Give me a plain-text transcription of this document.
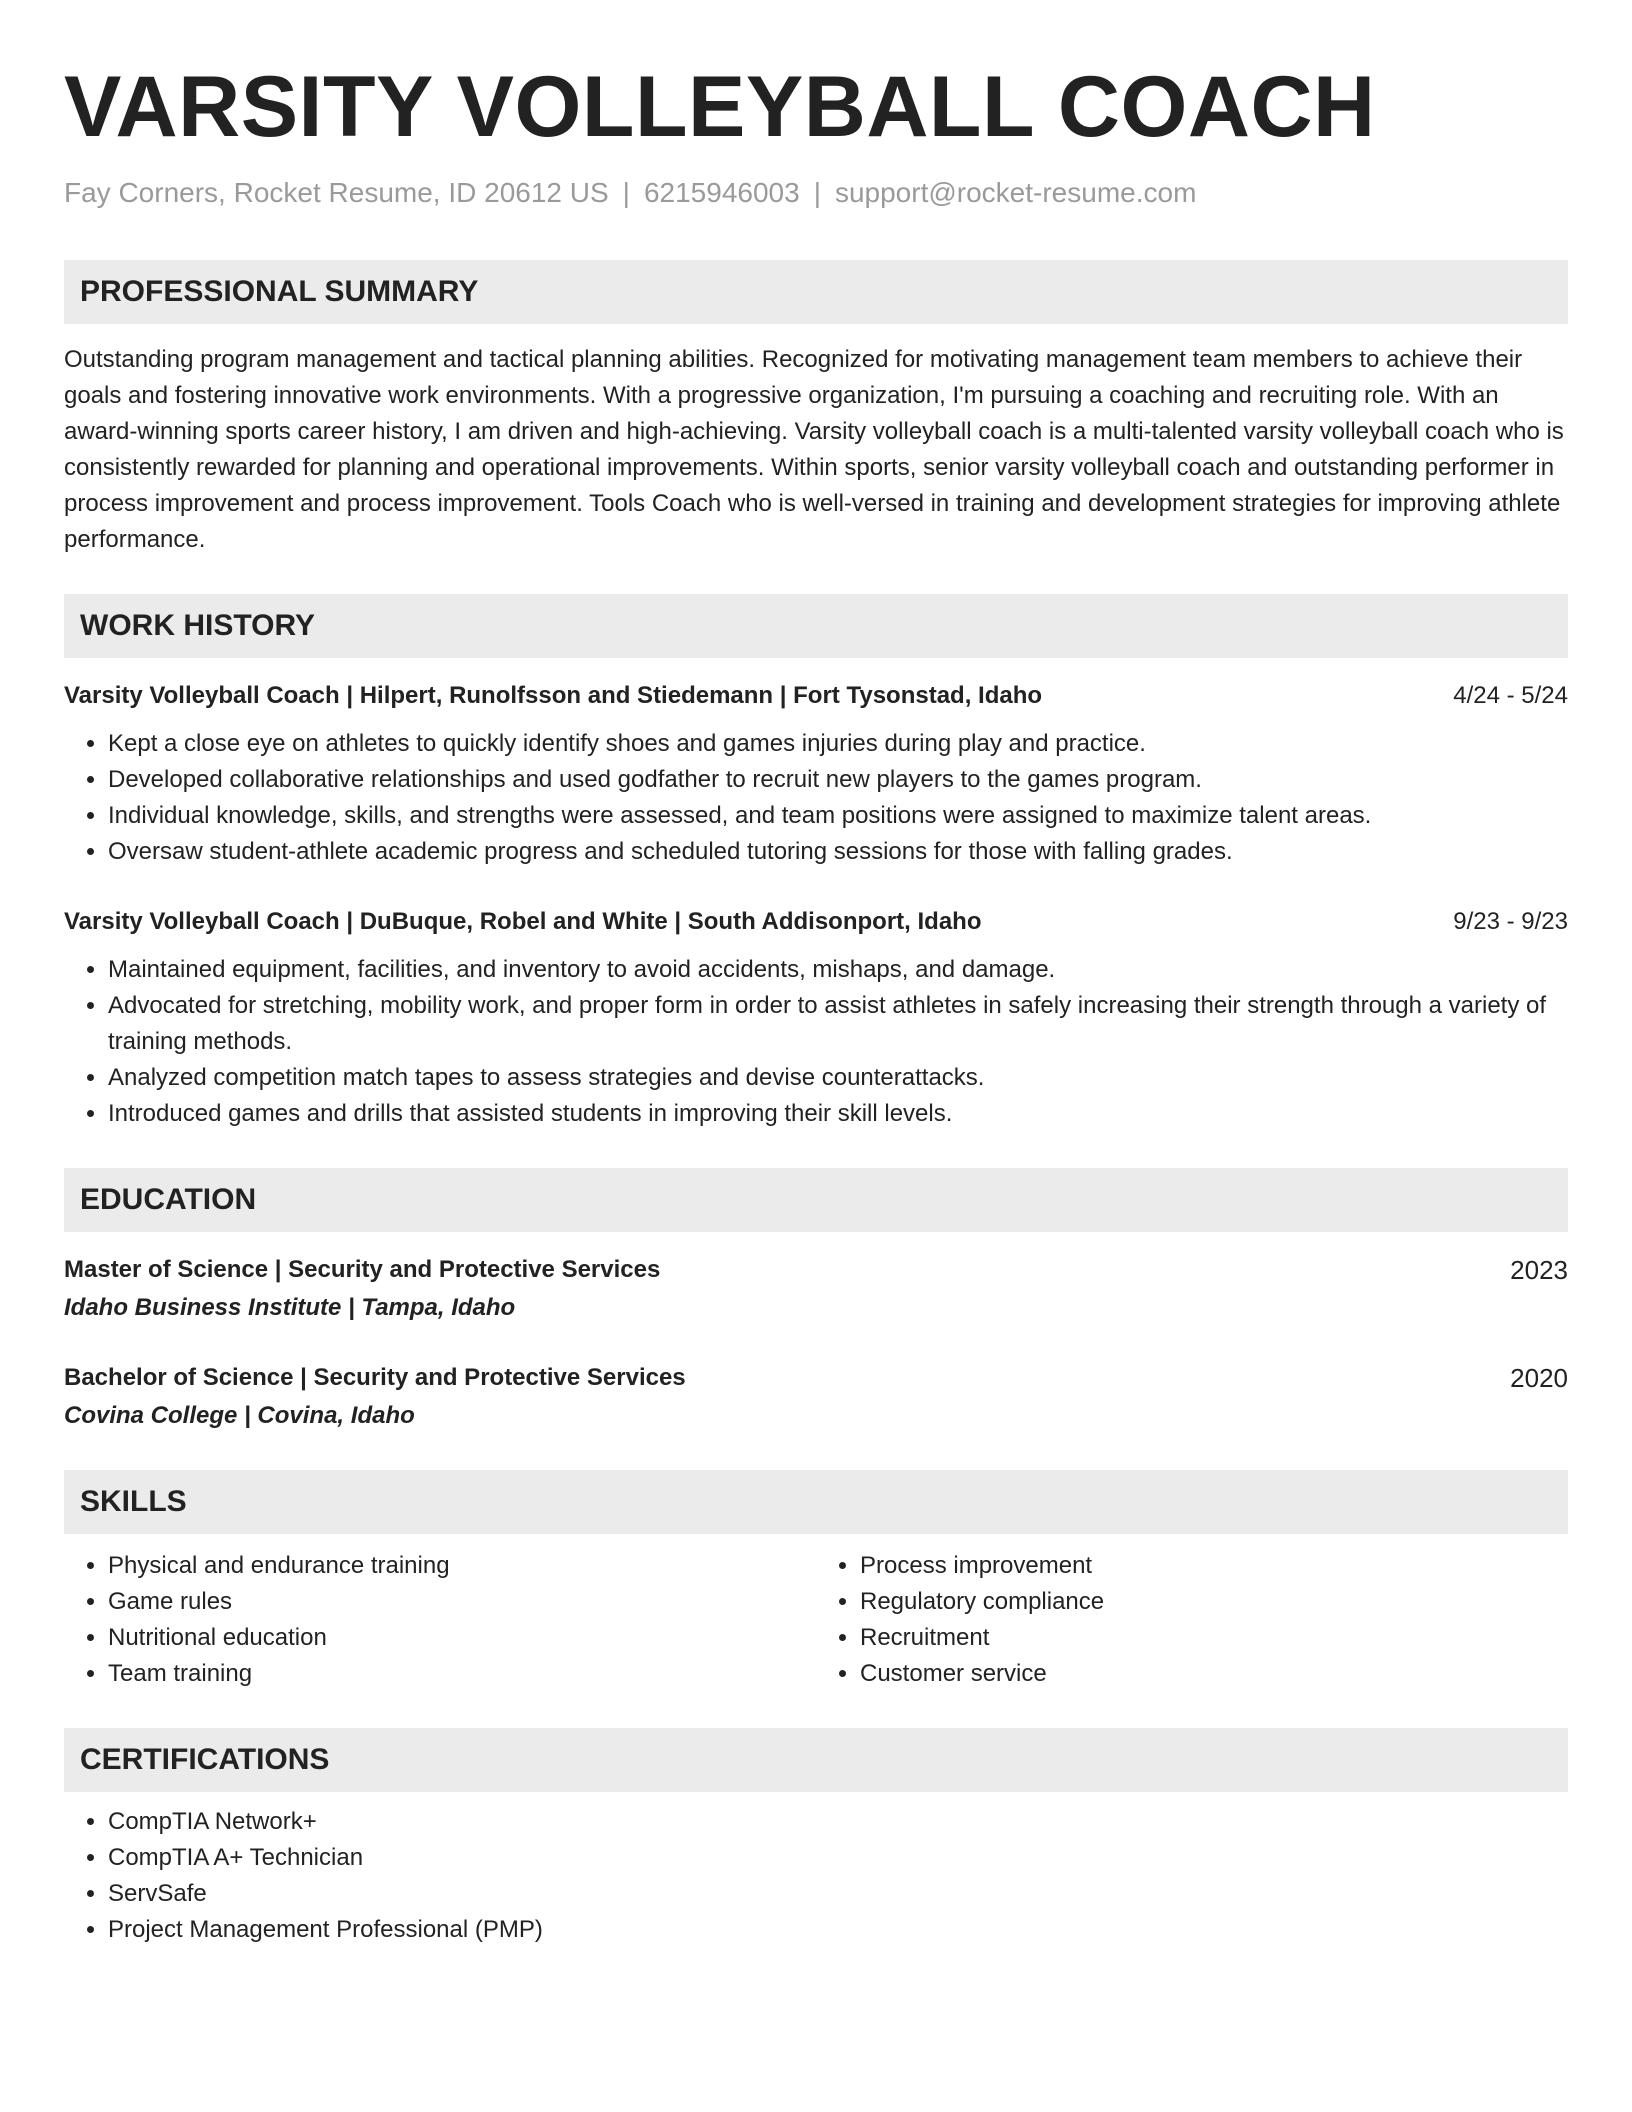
VARSITY VOLLEYBALL COACH
Fay Corners, Rocket Resume, ID 20612 US | 6215946003 | support@rocket-resume.com
PROFESSIONAL SUMMARY
Outstanding program management and tactical planning abilities. Recognized for motivating management team members to achieve their goals and fostering innovative work environments. With a progressive organization, I'm pursuing a coaching and recruiting role. With an award-winning sports career history, I am driven and high-achieving. Varsity volleyball coach is a multi-talented varsity volleyball coach who is consistently rewarded for planning and operational improvements. Within sports, senior varsity volleyball coach and outstanding performer in process improvement and process improvement. Tools Coach who is well-versed in training and development strategies for improving athlete performance.
WORK HISTORY
Varsity Volleyball Coach | Hilpert, Runolfsson and Stiedemann | Fort Tysonstad, Idaho	4/24 - 5/24
• Kept a close eye on athletes to quickly identify shoes and games injuries during play and practice.
• Developed collaborative relationships and used godfather to recruit new players to the games program.
• Individual knowledge, skills, and strengths were assessed, and team positions were assigned to maximize talent areas.
• Oversaw student-athlete academic progress and scheduled tutoring sessions for those with falling grades.
Varsity Volleyball Coach | DuBuque, Robel and White | South Addisonport, Idaho	9/23 - 9/23
• Maintained equipment, facilities, and inventory to avoid accidents, mishaps, and damage.
• Advocated for stretching, mobility work, and proper form in order to assist athletes in safely increasing their strength through a variety of training methods.
• Analyzed competition match tapes to assess strategies and devise counterattacks.
• Introduced games and drills that assisted students in improving their skill levels.
EDUCATION
Master of Science | Security and Protective Services	2023
Idaho Business Institute | Tampa, Idaho
Bachelor of Science | Security and Protective Services	2020
Covina College | Covina, Idaho
SKILLS
• Physical and endurance training
• Game rules
• Nutritional education
• Team training
• Process improvement
• Regulatory compliance
• Recruitment
• Customer service
CERTIFICATIONS
• CompTIA Network+
• CompTIA A+ Technician
• ServSafe
• Project Management Professional (PMP)
